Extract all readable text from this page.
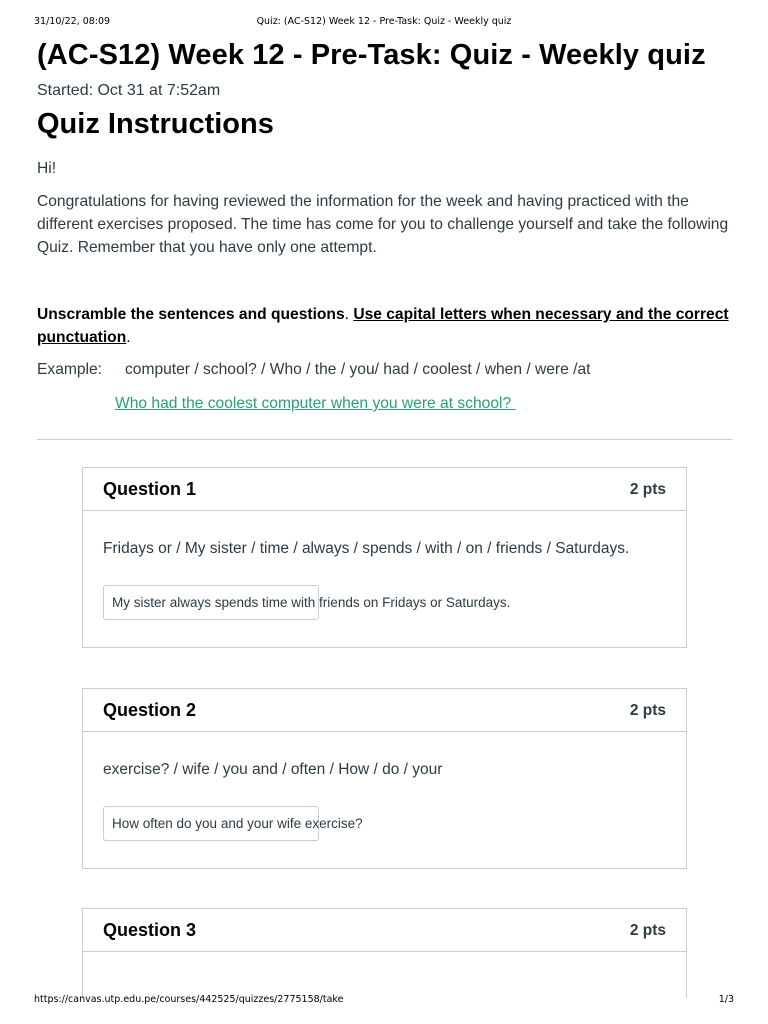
31/10/22, 08:09	Quiz: (AC-S12) Week 12 - Pre-Task: Quiz - Weekly quiz
(AC-S12) Week 12 - Pre-Task: Quiz - Weekly quiz
Started: Oct 31 at 7:52am
Quiz Instructions

Hi!

Congratulations for having reviewed the information for the week and having practiced with the different exercises proposed. The time has come for you to challenge yourself and take the following Quiz. Remember that you have only one attempt.

Unscramble the sentences and questions. Use capital letters when necessary and the correct punctuation.

Example: computer / school? / Who / the / you/ had / coolest / when / were /at
Who had the coolest computer when you were at school?
Question 1	2 pts
Fridays or / My sister / time / always / spends / with / on / friends / Saturdays.
My sister always spends time with friends on Fridays or Saturdays.
Question 2	2 pts
exercise? / wife / you and / often / How / do / your
How often do you and your wife exercise?
Question 3	2 pts
https://canvas.utp.edu.pe/courses/442525/quizzes/2775158/take	1/3
